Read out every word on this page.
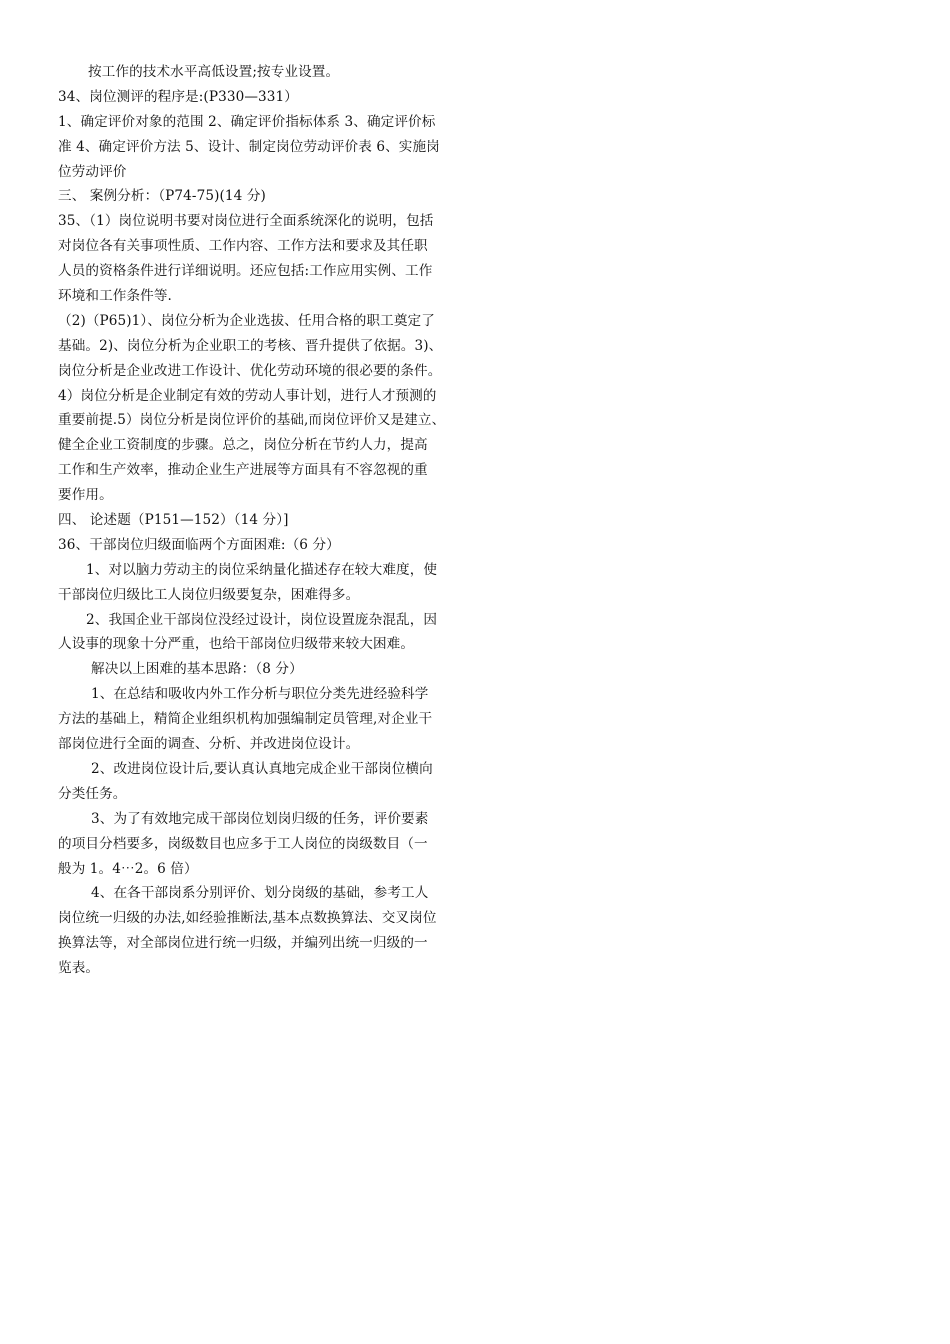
按工作的技术水平高低设置;按专业设置。
34、岗位测评的程序是:(P330—331）
1、确定评价对象的范围 2、确定评价指标体系 3、确定评价标
准 4、确定评价方法 5、设计、制定岗位劳动评价表 6、实施岗
位劳动评价
三、 案例分析：（P74-75)(14 分)
35、（1）岗位说明书要对岗位进行全面系统深化的说明，包括
对岗位各有关事项性质、工作内容、工作方法和要求及其任职
人员的资格条件进行详细说明。还应包括:工作应用实例、工作
环境和工作条件等.
（2)（P65)1）、岗位分析为企业选拔、任用合格的职工奠定了
基础。2)、岗位分析为企业职工的考核、晋升提供了依据。3)、
岗位分析是企业改进工作设计、优化劳动环境的很必要的条件。
4）岗位分析是企业制定有效的劳动人事计划，进行人才预测的
重要前提.5）岗位分析是岗位评价的基础,而岗位评价又是建立、
健全企业工资制度的步骤。总之，岗位分析在节约人力，提高
工作和生产效率，推动企业生产进展等方面具有不容忽视的重
要作用。
四、 论述题（P151—152）（14 分）]
36、干部岗位归级面临两个方面困难:（6 分）
1、对以脑力劳动主的岗位采纳量化描述存在较大难度，使
干部岗位归级比工人岗位归级要复杂，困难得多。
2、我国企业干部岗位没经过设计，岗位设置庞杂混乱，因
人设事的现象十分严重，也给干部岗位归级带来较大困难。
解决以上困难的基本思路：（8 分）
1、在总结和吸收内外工作分析与职位分类先进经验科学
方法的基础上，精简企业组织机构加强编制定员管理,对企业干
部岗位进行全面的调查、分析、并改进岗位设计。
2、改进岗位设计后,要认真认真地完成企业干部岗位横向
分类任务。
3、为了有效地完成干部岗位划岗归级的任务，评价要素
的项目分档要多，岗级数目也应多于工人岗位的岗级数目（一
般为 1。4⋯2。6 倍）
4、在各干部岗系分别评价、划分岗级的基础，参考工人
岗位统一归级的办法,如经验推断法,基本点数换算法、交叉岗位
换算法等，对全部岗位进行统一归级，并编列出统一归级的一
览表。
